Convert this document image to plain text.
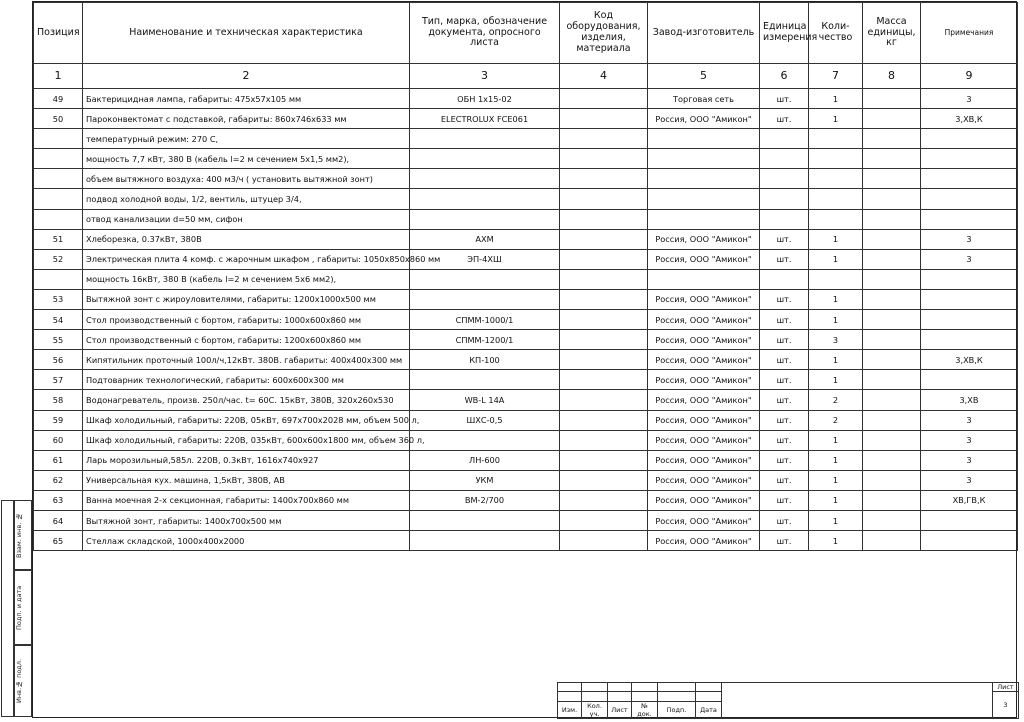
Взам. инв. №
Подп. и дата
Инв.№ подл.
Позиция	Наименование и техническая характеристика	Тип, марка, обозначение документа, опросного листа	Код оборудования, изделия, материала	Завод-изготовитель	Единица измерения	Коли-чество	Масса единицы, кг	Примечания
1	2	3	4	5	6	7	8	9
49	Бактерицидная лампа, габариты: 475х57х105 мм	ОБН 1х15-02		Торговая сеть	шт.	1		3
50	Пароконвектомат с подставкой, габариты: 860х746х633 мм	ELECTROLUX FCE061		Россия, ООО "Амикон"	шт.	1		3,ХВ,К
	температурный режим: 270 С,							
	мощность 7,7 кВт, 380 В (кабель l=2 м сечением 5х1,5 мм2),							
	объем вытяжного воздуха: 400 м3/ч ( установить вытяжной зонт)							
	подвод холодной воды, 1/2, вентиль, штуцер 3/4,							
	отвод канализации d=50 мм, сифон							
51	Хлеборезка, 0.37кВт, 380В	АХМ		Россия, ООО "Амикон"	шт.	1		3
52	Электрическая плита 4 комф. с жарочным шкафом , габариты: 1050х850х860 мм	ЭП-4ХШ		Россия, ООО "Амикон"	шт.	1		3
	мощность 16кВт, 380 В (кабель l=2 м сечением 5х6 мм2),							
53	Вытяжной зонт с жироуловителями, габариты: 1200х1000х500 мм			Россия, ООО "Амикон"	шт.	1		
54	Стол производственный с бортом, габариты: 1000х600х860 мм	СПММ-1000/1		Россия, ООО "Амикон"	шт.	1		
55	Стол производственный с бортом, габариты: 1200х600х860 мм	СПММ-1200/1		Россия, ООО "Амикон"	шт.	3		
56	Кипятильник проточный 100л/ч,12кВт. 380В. габариты: 400х400х300 мм	КП-100		Россия, ООО "Амикон"	шт.	1		3,ХВ,К
57	Подтоварник технологический, габариты: 600х600х300 мм			Россия, ООО "Амикон"	шт.	1		
58	Водонагреватель, произв. 250л/час. t= 60С. 15кВт, 380В, 320х260х530	WB-L 14A		Россия, ООО "Амикон"	шт.	2		3,ХВ
59	Шкаф холодильный, габариты: 220В, 05кВт, 697х700х2028 мм, объем 500 л,	ШХС-0,5		Россия, ООО "Амикон"	шт.	2		3
60	Шкаф холодильный, габариты: 220В, 035кВт, 600х600х1800 мм, объем 360 л,			Россия, ООО "Амикон"	шт.	1		3
61	Ларь морозильный,585л. 220В, 0.3кВт, 1616х740х927	ЛН-600		Россия, ООО "Амикон"	шт.	1		3
62	Универсальная кух. машина, 1,5кВт, 380В, АВ	УКМ		Россия, ООО "Амикон"	шт.	1		3
63	Ванна моечная 2-х секционная, габариты: 1400х700х860 мм	ВМ-2/700		Россия, ООО "Амикон"	шт.	1		ХВ,ГВ,К
64	Вытяжной зонт, габариты: 1400х700х500 мм			Россия, ООО "Амикон"	шт.	1		
65	Стеллаж складской, 1000х400х2000			Россия, ООО "Амикон"	шт.	1		
							Лист
							3
Изм.	Кол. уч.	Лист	№ док.	Подп.	Дата		
